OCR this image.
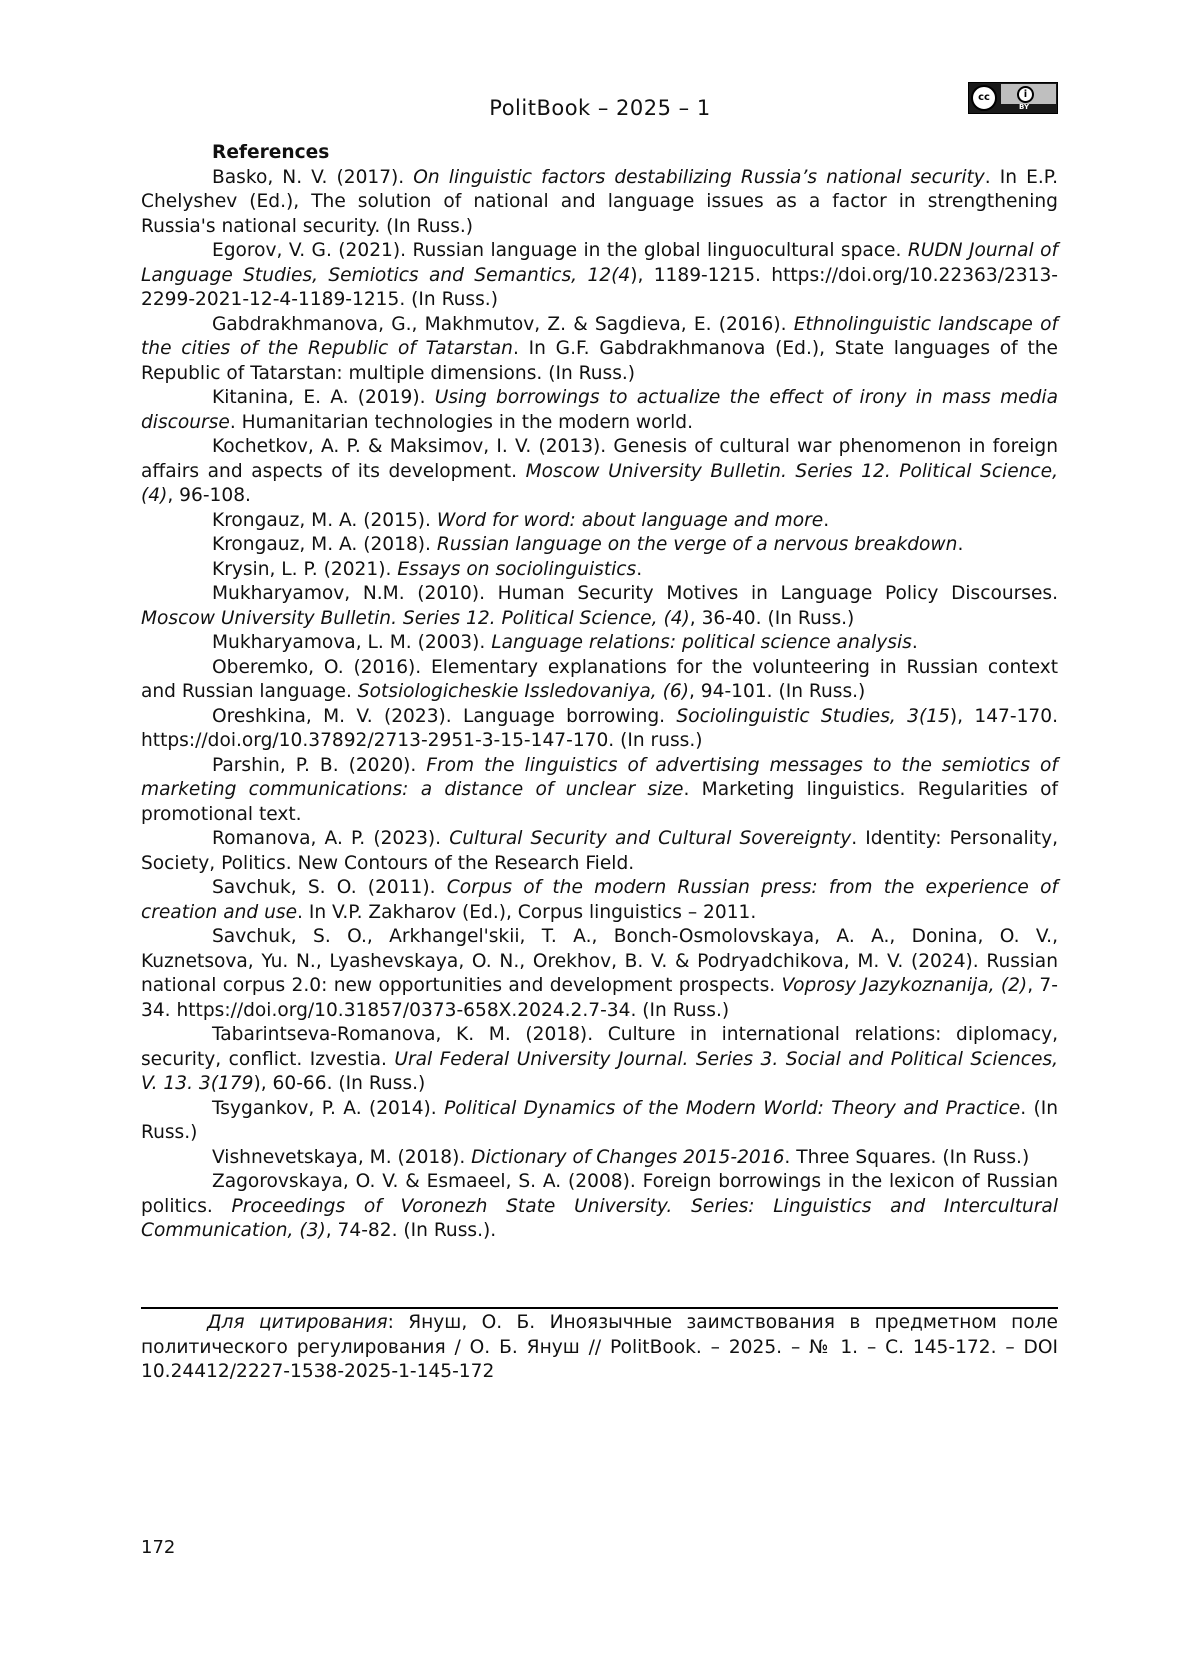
PolitBook – 2025 – 1	cc	i
BY

References

Basko, N. V. (2017). On linguistic factors destabilizing Russia’s national security. In E.P. Chelyshev (Ed.), The solution of national and language issues as a factor in strengthening Russia's national security. (In Russ.)

Egorov, V. G. (2021). Russian language in the global linguocultural space. RUDN Journal of Language Studies, Semiotics and Semantics, 12(4), 1189-1215. https://doi.org/10.22363/2313-2299-2021-12-4-1189-1215. (In Russ.)

Gabdrakhmanova, G., Makhmutov, Z. & Sagdieva, E. (2016). Ethnolinguistic landscape of the cities of the Republic of Tatarstan. In G.F. Gabdrakhmanova (Ed.), State languages of the Republic of Tatarstan: multiple dimensions. (In Russ.)

Kitanina, E. A. (2019). Using borrowings to actualize the effect of irony in mass media discourse. Humanitarian technologies in the modern world.

Kochetkov, A. P. & Maksimov, I. V. (2013). Genesis of cultural war phenomenon in foreign affairs and aspects of its development. Moscow University Bulletin. Series 12. Political Science, (4), 96-108.

Krongauz, M. A. (2015). Word for word: about language and more.

Krongauz, M. A. (2018). Russian language on the verge of a nervous breakdown.

Krysin, L. P. (2021). Essays on sociolinguistics.

Mukharyamov, N.M. (2010). Human Security Motives in Language Policy Discourses. Moscow University Bulletin. Series 12. Political Science, (4), 36-40. (In Russ.)

Mukharyamova, L. M. (2003). Language relations: political science analysis.

Oberemko, O. (2016). Elementary explanations for the volunteering in Russian context and Russian language. Sotsiologicheskie Issledovaniya, (6), 94-101. (In Russ.)

Oreshkina, M. V. (2023). Language borrowing. Sociolinguistic Studies, 3(15), 147-170. https://doi.org/10.37892/2713-2951-3-15-147-170. (In russ.)

Parshin, P. B. (2020). From the linguistics of advertising messages to the semiotics of marketing communications: a distance of unclear size. Marketing linguistics. Regularities of promotional text.

Romanova, A. P. (2023). Cultural Security and Cultural Sovereignty. Identity: Personality, Society, Politics. New Contours of the Research Field.

Savchuk, S. O. (2011). Corpus of the modern Russian press: from the experience of creation and use. In V.P. Zakharov (Ed.), Corpus linguistics – 2011.

Savchuk, S. O., Arkhangel'skii, T. A., Bonch-Osmolovskaya, A. A., Donina, O. V., Kuznetsova, Yu. N., Lyashevskaya, O. N., Orekhov, B. V. & Podryadchikova, M. V. (2024). Russian national corpus 2.0: new opportunities and development prospects. Voprosy Jazykoznanija, (2), 7-34. https://doi.org/10.31857/0373-658X.2024.2.7-34. (In Russ.)

Tabarintseva-Romanova, K. M. (2018). Culture in international relations: diplomacy, security, conflict. Izvestia. Ural Federal University Journal. Series 3. Social and Political Sciences, V. 13. 3(179), 60-66. (In Russ.)

Tsygankov, P. A. (2014). Political Dynamics of the Modern World: Theory and Practice. (In Russ.)

Vishnevetskaya, M. (2018). Dictionary of Changes 2015-2016. Three Squares. (In Russ.)

Zagorovskaya, O. V. & Esmaeel, S. A. (2008). Foreign borrowings in the lexicon of Russian politics. Proceedings of Voronezh State University. Series: Linguistics and Intercultural Communication, (3), 74-82. (In Russ.).

Для цитирования: Януш, О. Б. Иноязычные заимствования в предметном поле политического регулирования / О. Б. Януш // PolitBook. – 2025. – № 1. – С. 145-172. – DOI 10.24412/2227-1538-2025-1-145-172

172
